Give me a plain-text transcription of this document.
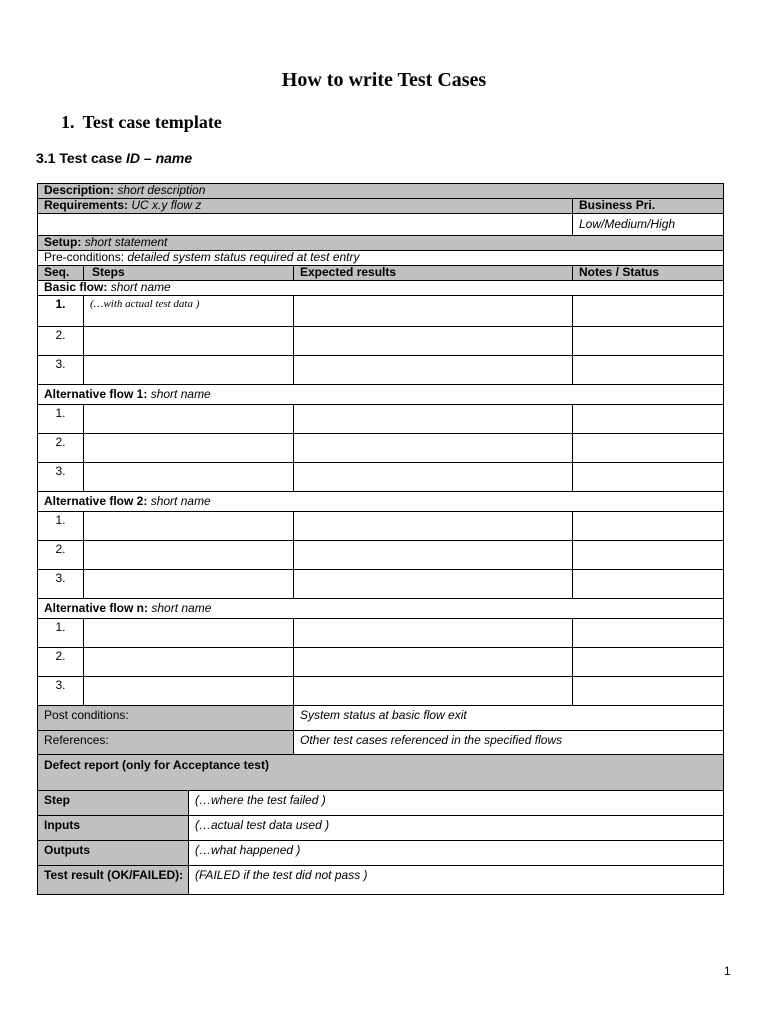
How to write Test Cases
1. Test case template
3.1 Test case ID – name
Description: short description			
Requirements: UC x.y flow z			Business Pri.
			Low/Medium/High
Setup: short statement			
Pre-conditions: detailed system status required at test entry			
Seq.	Steps	Expected results	Notes / Status
Basic flow: short name			
1.	(…with actual test data )		
2.			
3.			
Alternative flow 1: short name			
1.			
2.			
3.			
Alternative flow 2: short name			
1.			
2.			
3.			
Alternative flow n: short name			
1.			
2.			
3.			
Post conditions:		System status at basic flow exit	
References:		Other test cases referenced in the specified flows	
Defect report (only for Acceptance test)	
Step	(…where the test failed )
Inputs	(…actual test data used )
Outputs	(…what happened )
Test result (OK/FAILED):	(FAILED if the test did not pass )
1
